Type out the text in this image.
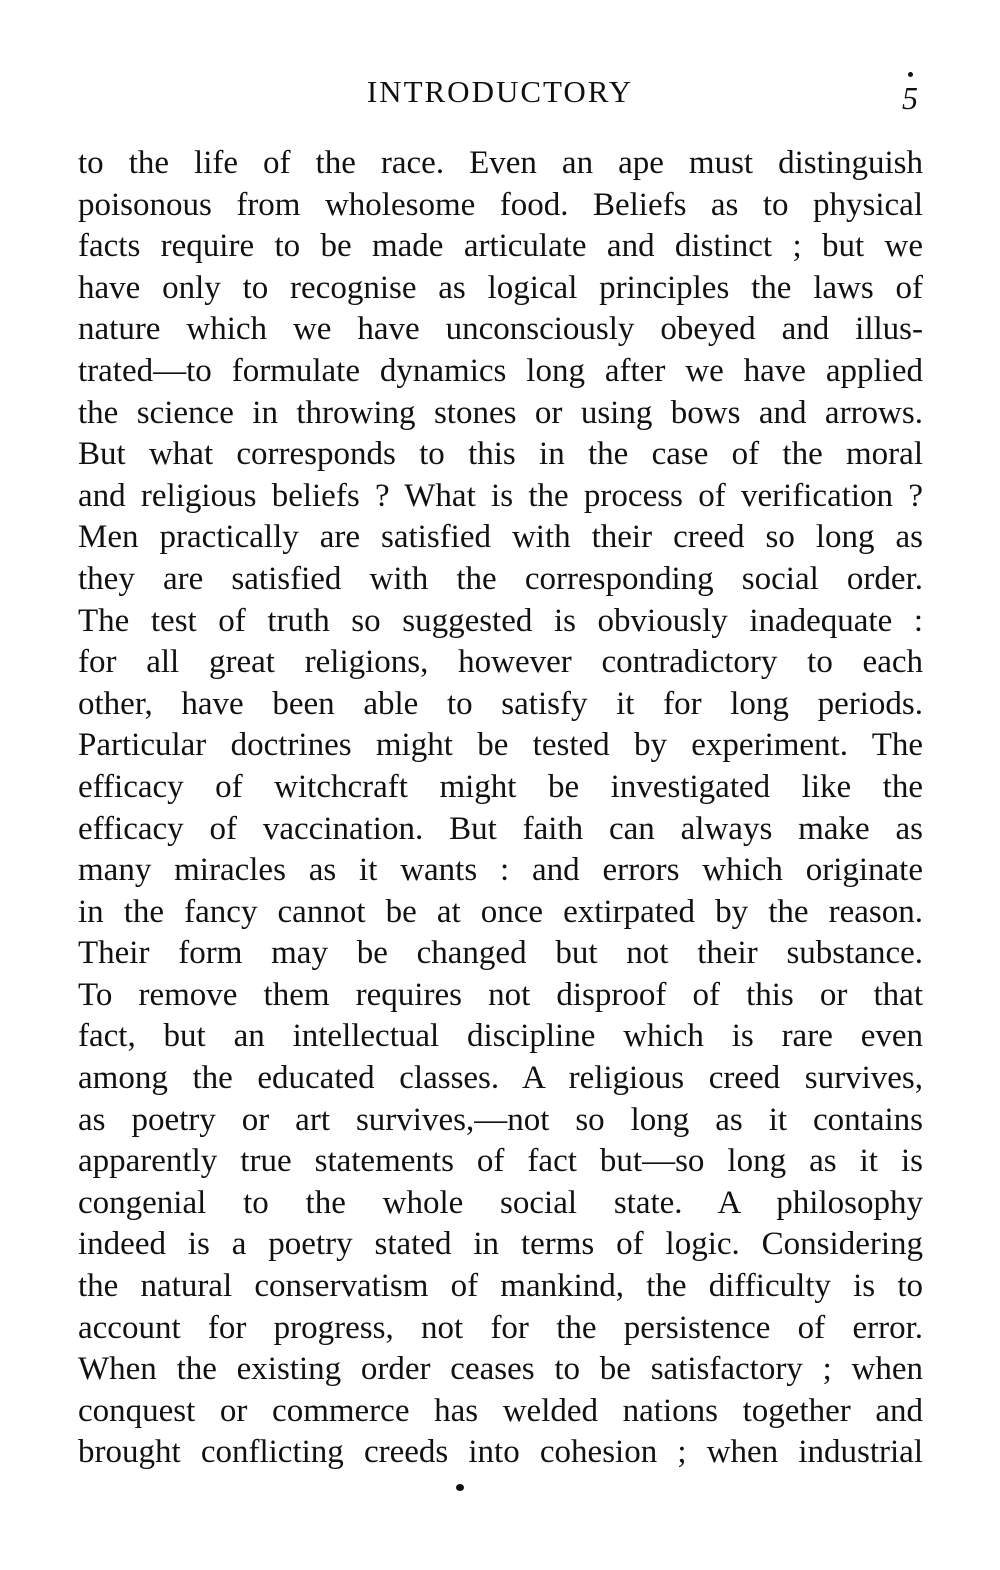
INTRODUCTORY	5
to the life of the race. Even an ape must distinguish
poisonous from wholesome food. Beliefs as to physical
facts require to be made articulate and distinct ; but we
have only to recognise as logical principles the laws of
nature which we have unconsciously obeyed and illus-
trated—to formulate dynamics long after we have applied
the science in throwing stones or using bows and arrows.
But what corresponds to this in the case of the moral
and religious beliefs ? What is the process of verification ?
Men practically are satisfied with their creed so long as
they are satisfied with the corresponding social order.
The test of truth so suggested is obviously inadequate :
for all great religions, however contradictory to each
other, have been able to satisfy it for long periods.
Particular doctrines might be tested by experiment. The
efficacy of witchcraft might be investigated like the
efficacy of vaccination. But faith can always make as
many miracles as it wants : and errors which originate
in the fancy cannot be at once extirpated by the reason.
Their form may be changed but not their substance.
To remove them requires not disproof of this or that
fact, but an intellectual discipline which is rare even
among the educated classes. A religious creed survives,
as poetry or art survives,—not so long as it contains
apparently true statements of fact but—so long as it is
congenial to the whole social state. A philosophy
indeed is a poetry stated in terms of logic. Considering
the natural conservatism of mankind, the difficulty is to
account for progress, not for the persistence of error.
When the existing order ceases to be satisfactory ; when
conquest or commerce has welded nations together and
brought conflicting creeds into cohesion ; when industrial
